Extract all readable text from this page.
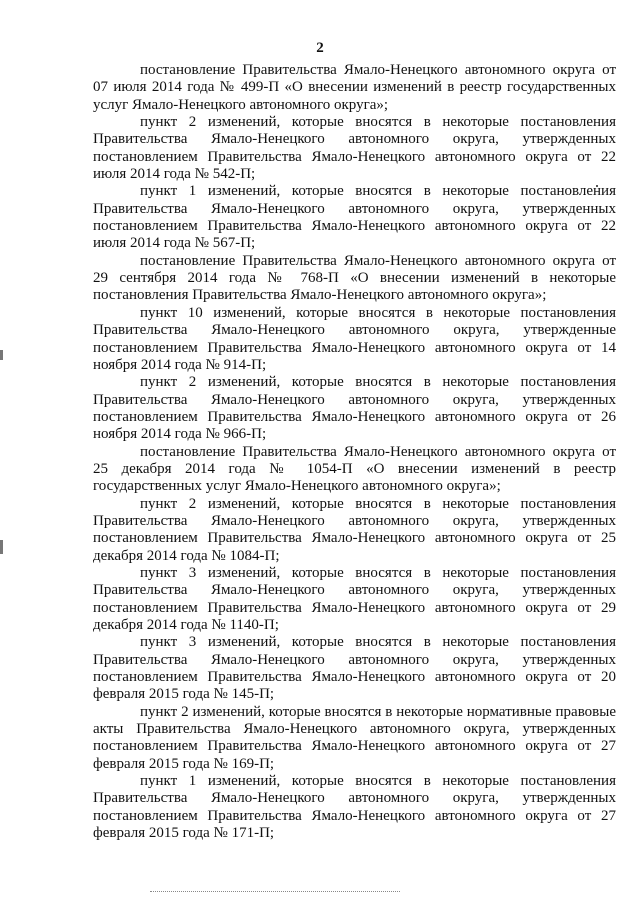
2

постановление Правительства Ямало-Ненецкого автономного округа от 07 июля 2014 года № 499-П «О внесении изменений в реестр государственных услуг Ямало-Ненецкого автономного округа»;

пункт 2 изменений, которые вносятся в некоторые постановления Правительства Ямало-Ненецкого автономного округа, утвержденных постановлением Правительства Ямало-Ненецкого автономного округа от 22 июля 2014 года № 542-П;

пункт 1 изменений, которые вносятся в некоторые постановления Правительства Ямало-Ненецкого автономного округа, утвержденных постановлением Правительства Ямало-Ненецкого автономного округа от 22 июля 2014 года № 567-П;

постановление Правительства Ямало-Ненецкого автономного округа от 29 сентября 2014 года № 768-П «О внесении изменений в некоторые постановления Правительства Ямало-Ненецкого автономного округа»;

пункт 10 изменений, которые вносятся в некоторые постановления Правительства Ямало-Ненецкого автономного округа, утвержденные постановлением Правительства Ямало-Ненецкого автономного округа от 14 ноября 2014 года № 914-П;

пункт 2 изменений, которые вносятся в некоторые постановления Правительства Ямало-Ненецкого автономного округа, утвержденных постановлением Правительства Ямало-Ненецкого автономного округа от 26 ноября 2014 года № 966-П;

постановление Правительства Ямало-Ненецкого автономного округа от 25 декабря 2014 года № 1054-П «О внесении изменений в реестр государственных услуг Ямало-Ненецкого автономного округа»;

пункт 2 изменений, которые вносятся в некоторые постановления Правительства Ямало-Ненецкого автономного округа, утвержденных постановлением Правительства Ямало-Ненецкого автономного округа от 25 декабря 2014 года № 1084-П;

пункт 3 изменений, которые вносятся в некоторые постановления Правительства Ямало-Ненецкого автономного округа, утвержденных постановлением Правительства Ямало-Ненецкого автономного округа от 29 декабря 2014 года № 1140-П;

пункт 3 изменений, которые вносятся в некоторые постановления Правительства Ямало-Ненецкого автономного округа, утвержденных постановлением Правительства Ямало-Ненецкого автономного округа от 20 февраля 2015 года № 145-П;

пункт 2 изменений, которые вносятся в некоторые нормативные правовые акты Правительства Ямало-Ненецкого автономного округа, утвержденных постановлением Правительства Ямало-Ненецкого автономного округа от 27 февраля 2015 года № 169-П;

пункт 1 изменений, которые вносятся в некоторые постановления Правительства Ямало-Ненецкого автономного округа, утвержденных постановлением Правительства Ямало-Ненецкого автономного округа от 27 февраля 2015 года № 171-П;
